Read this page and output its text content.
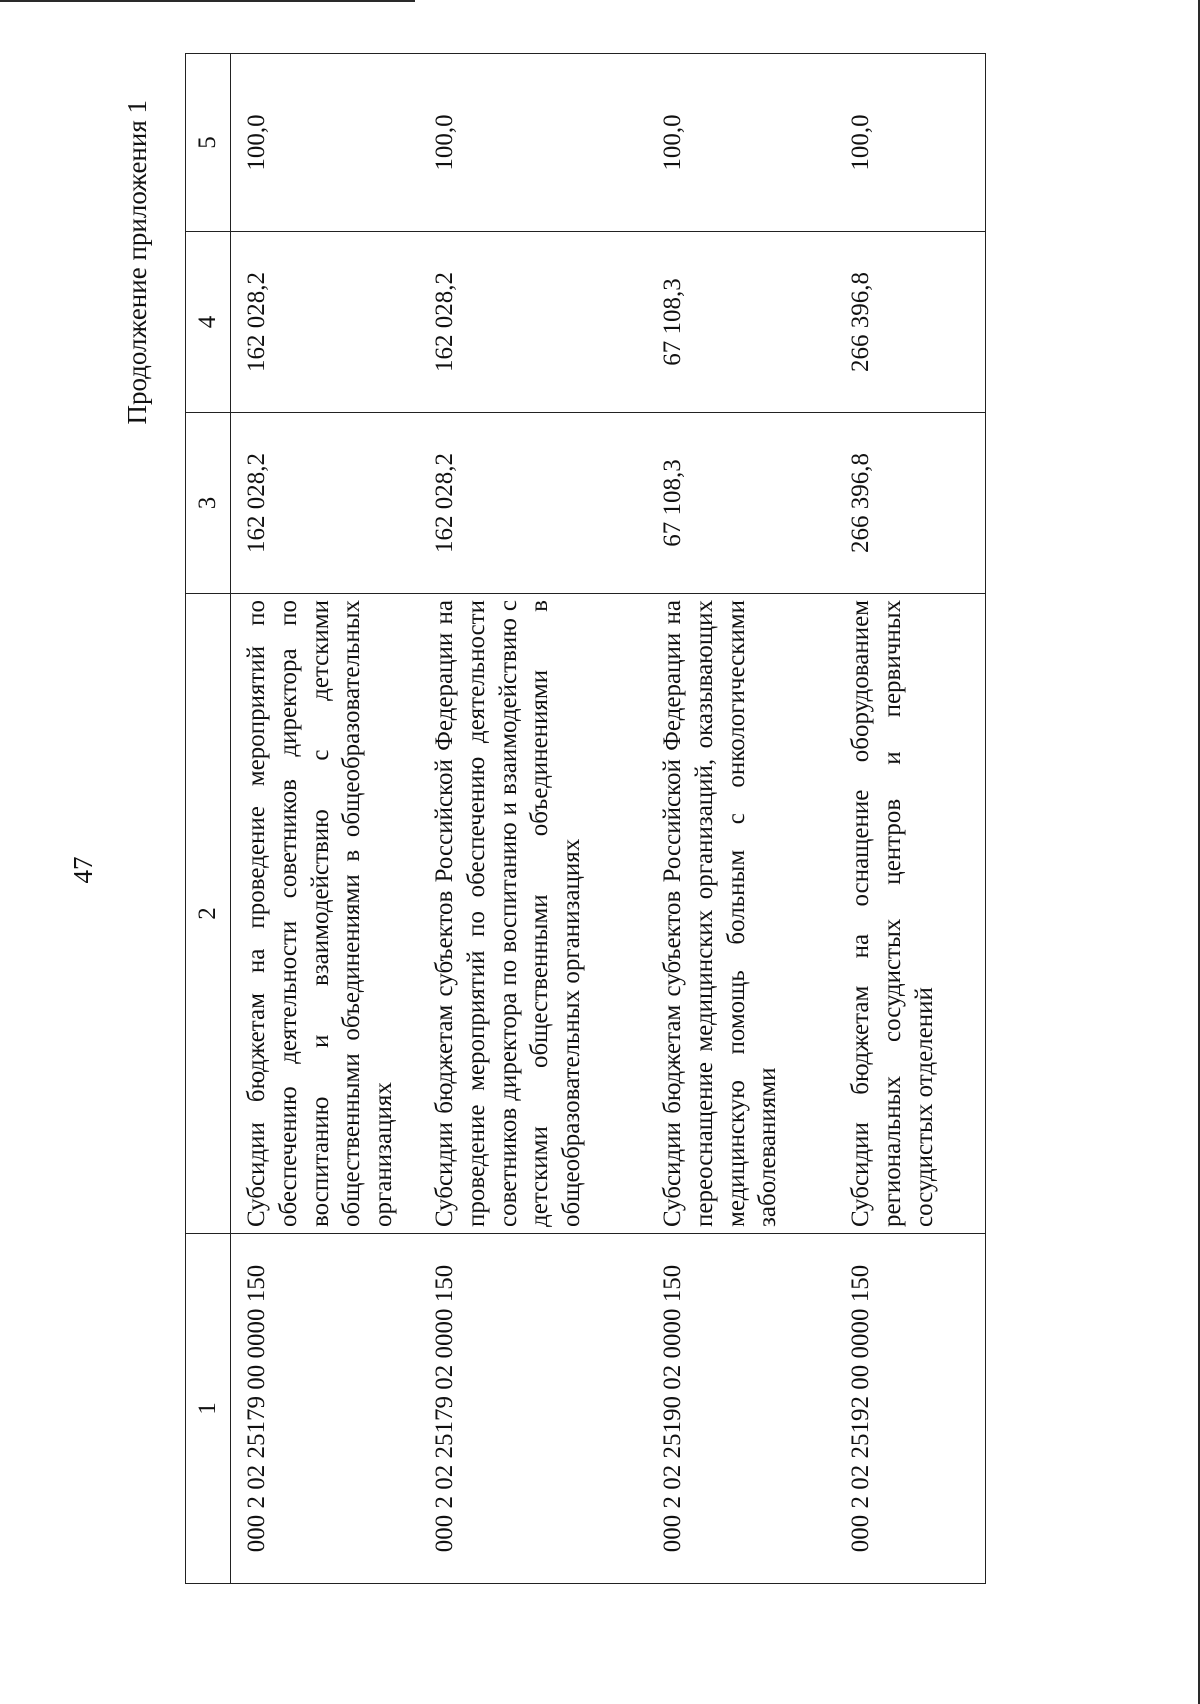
47
Продолжение приложения 1
1	2	3	4	5
000 2 02 25179 00 0000 150	Субсидии бюджетам на проведение мероприятий по обеспечению деятельности советников директора по воспитанию и взаимодействию с детскими общественными объединениями в общеобразовательных организациях	162 028,2	162 028,2	100,0
000 2 02 25179 02 0000 150	Субсидии бюджетам субъектов Российской Федерации на проведение мероприятий по обеспечению деятельности советников директора по воспитанию и взаимодействию с детскими общественными объединениями в общеобразовательных организациях	162 028,2	162 028,2	100,0
000 2 02 25190 02 0000 150	Субсидии бюджетам субъектов Российской Федерации на переоснащение медицинских организаций, оказывающих медицинскую помощь больным с онкологическими заболеваниями	67 108,3	67 108,3	100,0
000 2 02 25192 00 0000 150	Субсидии бюджетам на оснащение оборудованием региональных сосудистых центров и первичных сосудистых отделений	266 396,8	266 396,8	100,0
